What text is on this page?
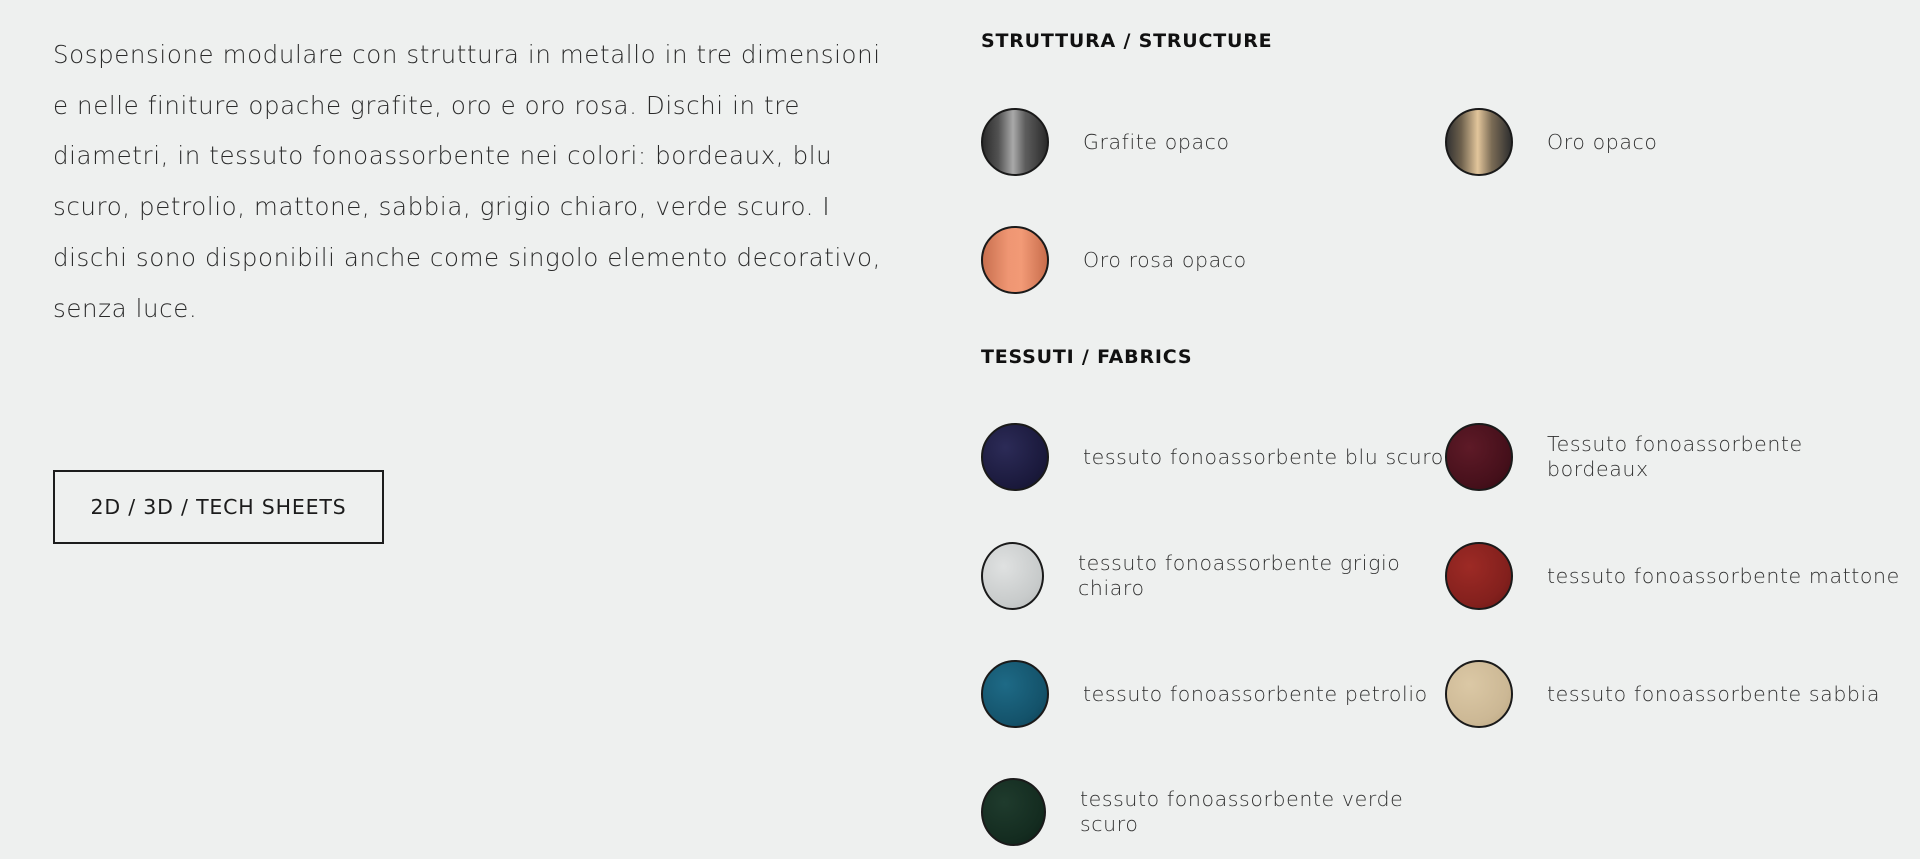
Sospensione modulare con struttura in metallo in tre dimensioni e nelle finiture opache grafite, oro e oro rosa. Dischi in tre diametri, in tessuto fonoassorbente nei colori: bordeaux, blu scuro, petrolio, mattone, sabbia, grigio chiaro, verde scuro. I dischi sono disponibili anche come singolo elemento decorativo, senza luce.

2D / 3D / TECH SHEETS
STRUTTURA / STRUCTURE
Grafite opaco	Oro opaco
Oro rosa opaco
TESSUTI / FABRICS
tessuto fonoassorbente blu scuro
Tessuto fonoassorbente bordeaux
tessuto fonoassorbente grigio chiaro
tessuto fonoassorbente mattone
tessuto fonoassorbente petrolio	tessuto fonoassorbente sabbia
tessuto fonoassorbente verde scuro
